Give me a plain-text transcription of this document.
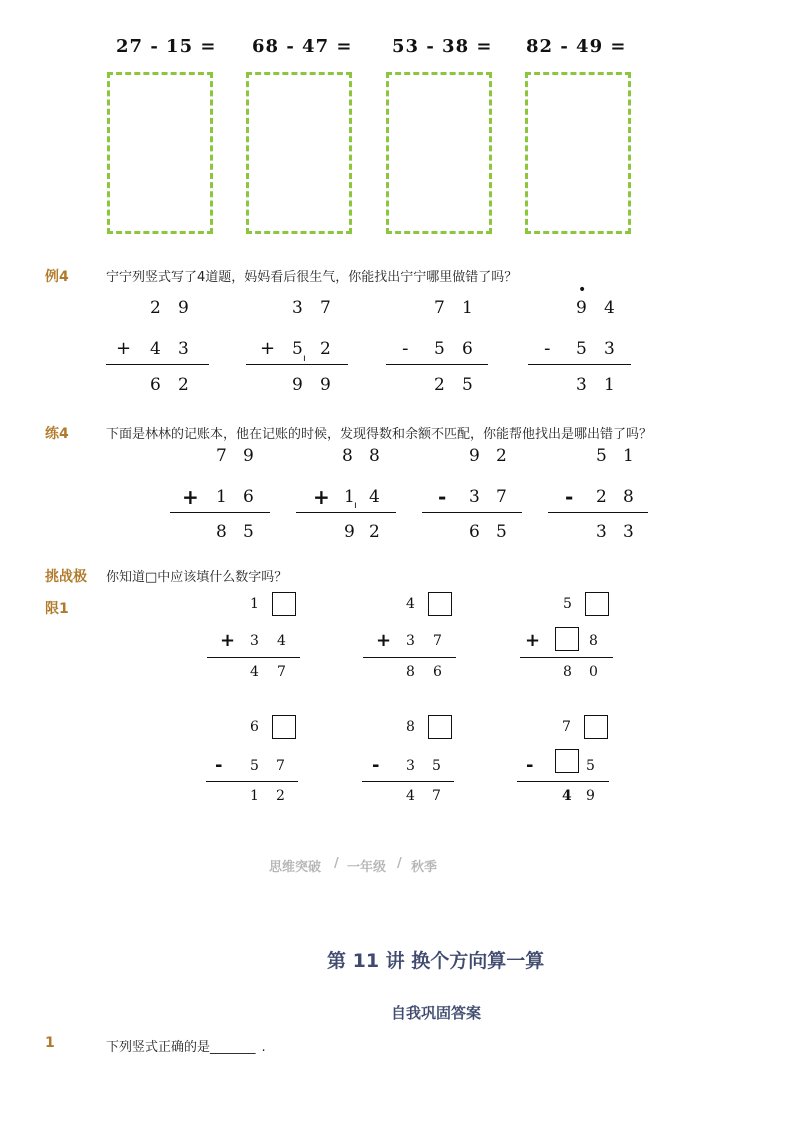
27 - 15 = 68 - 47 = 53 - 38 = 82 - 49 =
例4	宁宁列竖式写了4道题，妈妈看后很生气，你能找出宁宁哪里做错了吗？
2 9
+ 4 3
6 2
3 7
+ 5 2
ı
9 9
7 1
- 5 6
2 5
•
9 4
- 5 3
3 1
练4	下面是林林的记账本，他在记账的时候，发现得数和余额不匹配，你能帮他找出是哪出错了吗？
7 9
+ 1 6
8 5
8 8
+ 1 4
ı
9 2
9 2
- 3 7
6 5
5 1
- 2 8
3 3
挑战极
限1
你知道□中应该填什么数字吗？
1
+ 3 4
4 7
4
+ 3 7
8 6
5
+	8
8 0
6
- 5 7
1 2
8
- 3 5
4 7
7
-	5
4 9
思维突破 / 一年级 / 秋季
第 11 讲 换个方向算一算
自我巩固答案
1	下列竖式正确的是_______ .
